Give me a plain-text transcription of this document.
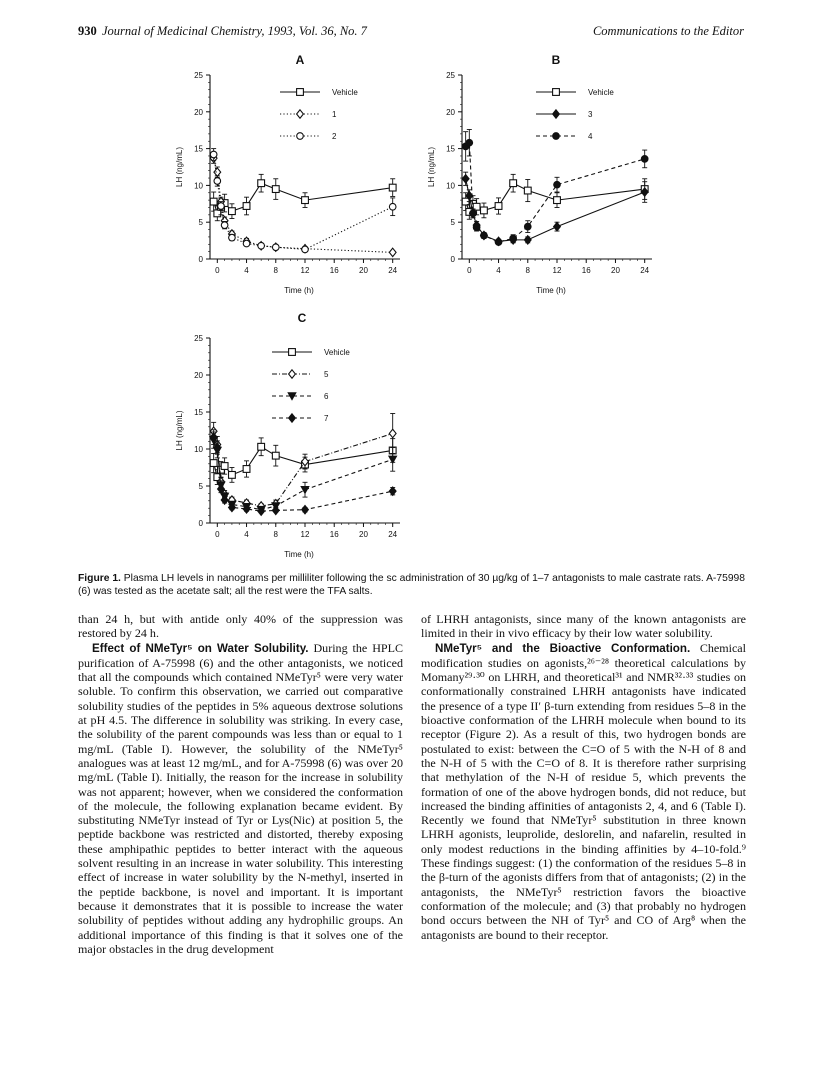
930 Journal of Medicinal Chemistry, 1993, Vol. 36, No. 7	Communications to the Editor
A
0
5
10
15
20
25
0	4	8	12	16	20	24
Time (h)
LH (ng/mL)
Vehicle
1
2
B
0
5
10
15
20
25
0	4	8	12	16	20	24
Time (h)
LH (ng/mL)
Vehicle
3
4
C
0
5
10
15
20
25
0	4	8	12	16	20	24
Time (h)
LH (ng/mL)
Vehicle
5
6
7
Figure 1. Plasma LH levels in nanograms per milliliter following the sc administration of 30 µg/kg of 1–7 antagonists to male castrate rats. A-75998 (6) was tested as the acetate salt; all the rest were the TFA salts.

than 24 h, but with antide only 40% of the suppression was restored by 24 h.

Effect of NMeTyr⁵ on Water Solubility. During the HPLC purification of A-75998 (6) and the other antagonists, we noticed that all the compounds which contained NMeTyr⁵ were very water soluble. To confirm this observation, we carried out comparative solubility studies of the peptides in 5% aqueous dextrose solutions at pH 4.5. The difference in solubility was striking. In every case, the solubility of the parent compounds was less than or equal to 1 mg/mL (Table I). However, the solubility of the NMeTyr⁵ analogues was at least 12 mg/mL, and for A-75998 (6) was over 20 mg/mL (Table I). Initially, the reason for the increase in solubility was not apparent; however, when we considered the conformation of the molecule, the following explanation became evident. By substituting NMeTyr instead of Tyr or Lys(Nic) at position 5, the peptide backbone was restricted and distorted, thereby exposing these amphipathic peptides to better interact with the aqueous solvent resulting in an increase in water solubility. This interesting effect of increase in water solubility by the N-methyl, inserted in the peptide backbone, is novel and important. It is important because it demonstrates that it is possible to increase the water solubility of peptides without adding any hydrophilic groups. An additional importance of this finding is that it solves one of the major obstacles in the drug development

of LHRH antagonists, since many of the known antagonists are limited in their in vivo efficacy by their low water solubility.

NMeTyr⁵ and the Bioactive Conformation. Chemical modification studies on agonists,²⁶⁻²⁸ theoretical calculations by Momany²⁹·³⁰ on LHRH, and theoretical³¹ and NMR³²·³³ studies on conformationally constrained LHRH antagonists have indicated the presence of a type II′ β-turn extending from residues 5–8 in the bioactive conformation of the LHRH molecule when bound to its receptor (Figure 2). As a result of this, two hydrogen bonds are postulated to exist: between the C=O of 5 with the N-H of 8 and the N-H of 5 with the C=O of 8. It is therefore rather surprising that methylation of the N-H of residue 5, which prevents the formation of one of the above hydrogen bonds, did not reduce, but increased the binding affinities of antagonists 2, 4, and 6 (Table I). Recently we found that NMeTyr⁵ substitution in three known LHRH agonists, leuprolide, deslorelin, and nafarelin, resulted in only modest reductions in the binding affinities by 4–10-fold.⁹ These findings suggest: (1) the conformation of the residues 5–8 in the β-turn of the agonists differs from that of antagonists; (2) in the antagonists, the NMeTyr⁵ restriction favors the bioactive conformation of the molecule; and (3) that probably no hydrogen bond occurs between the NH of Tyr⁵ and CO of Arg⁸ when the antagonists are bound to their receptor.
